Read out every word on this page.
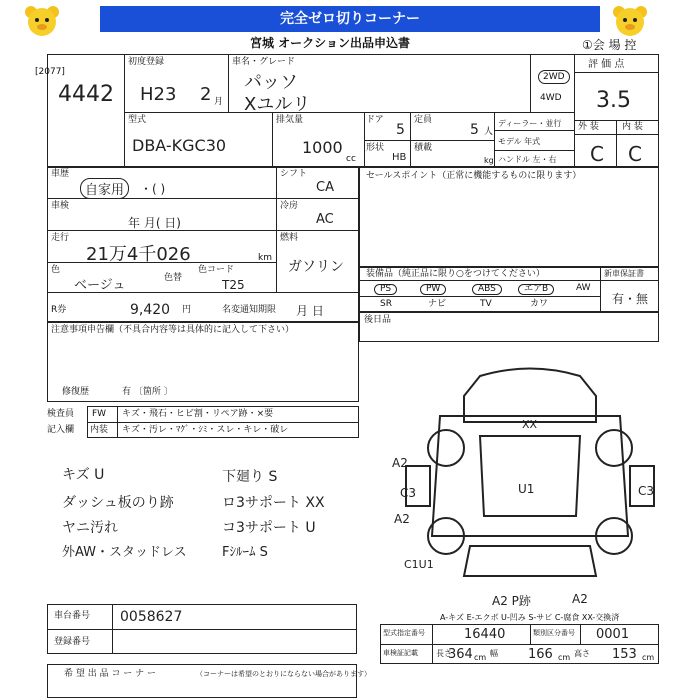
完全ゼロ切りコーナー
宮城 オークション出品申込書	①会 場 控
[2077]
4442
初度登録
H23 2 月
車名・グレード
パッソ
Xユルリ
2WD
4WD
評 価 点
3.5
型式
DBA-KGC30
排気量
1000
cc
ドア
5
定員
5 人
形状
HB
積載
kg
ディーラー・並行
モデル 年式
ハンドル 左・右
外 装	内 装
C C
車歴
自家用	・( )
シフト
CA
車検
年 月( 日)
冷房
AC
走行
21万4千026	km
燃料
ガソリン
色
ベージュ	色替
色コード
T25
R券	9,420 円	名変通知期限 月 日
セールスポイント（正常に機能するものに限ります）
装備品（純正品に限り○をつけてください）	新車保証書
有・無
PS	PW	ABS	エアB	AW
SR	ナビ	TV	カワ
後日品
注意事項申告欄（不具合内容等は具体的に記入して下さい）
修復歴	有 〔箇所 〕
検査員
記入欄
FW キズ・飛石・ヒビ割・リペア跡・×要
内装 キズ・汚レ・ﾏｸﾞ・ｼﾐ・スレ・キレ・破レ
キズ U
ダッシュ板のり跡
ヤニ汚れ
外AW・スタッドレス
下廻り S
ロ3サポート XX
コ3サポート U
Fｼﾙｰﾑ S
XX
U1
A2
C3
A2
C3
C1U1
A2 P跡	A2
A-キズ E-エクボ U-凹み S-サビ C-腐食 XX-交換済
車台番号 0058627
登録番号
型式指定番号	16440	類別区分番号 0001
車検証記載 長さ
364 cm 幅 166 cm 高さ 153 cm
希 望 出 品 コ ー ナ ー	（コーナーは希望のとおりにならない場合があります）
